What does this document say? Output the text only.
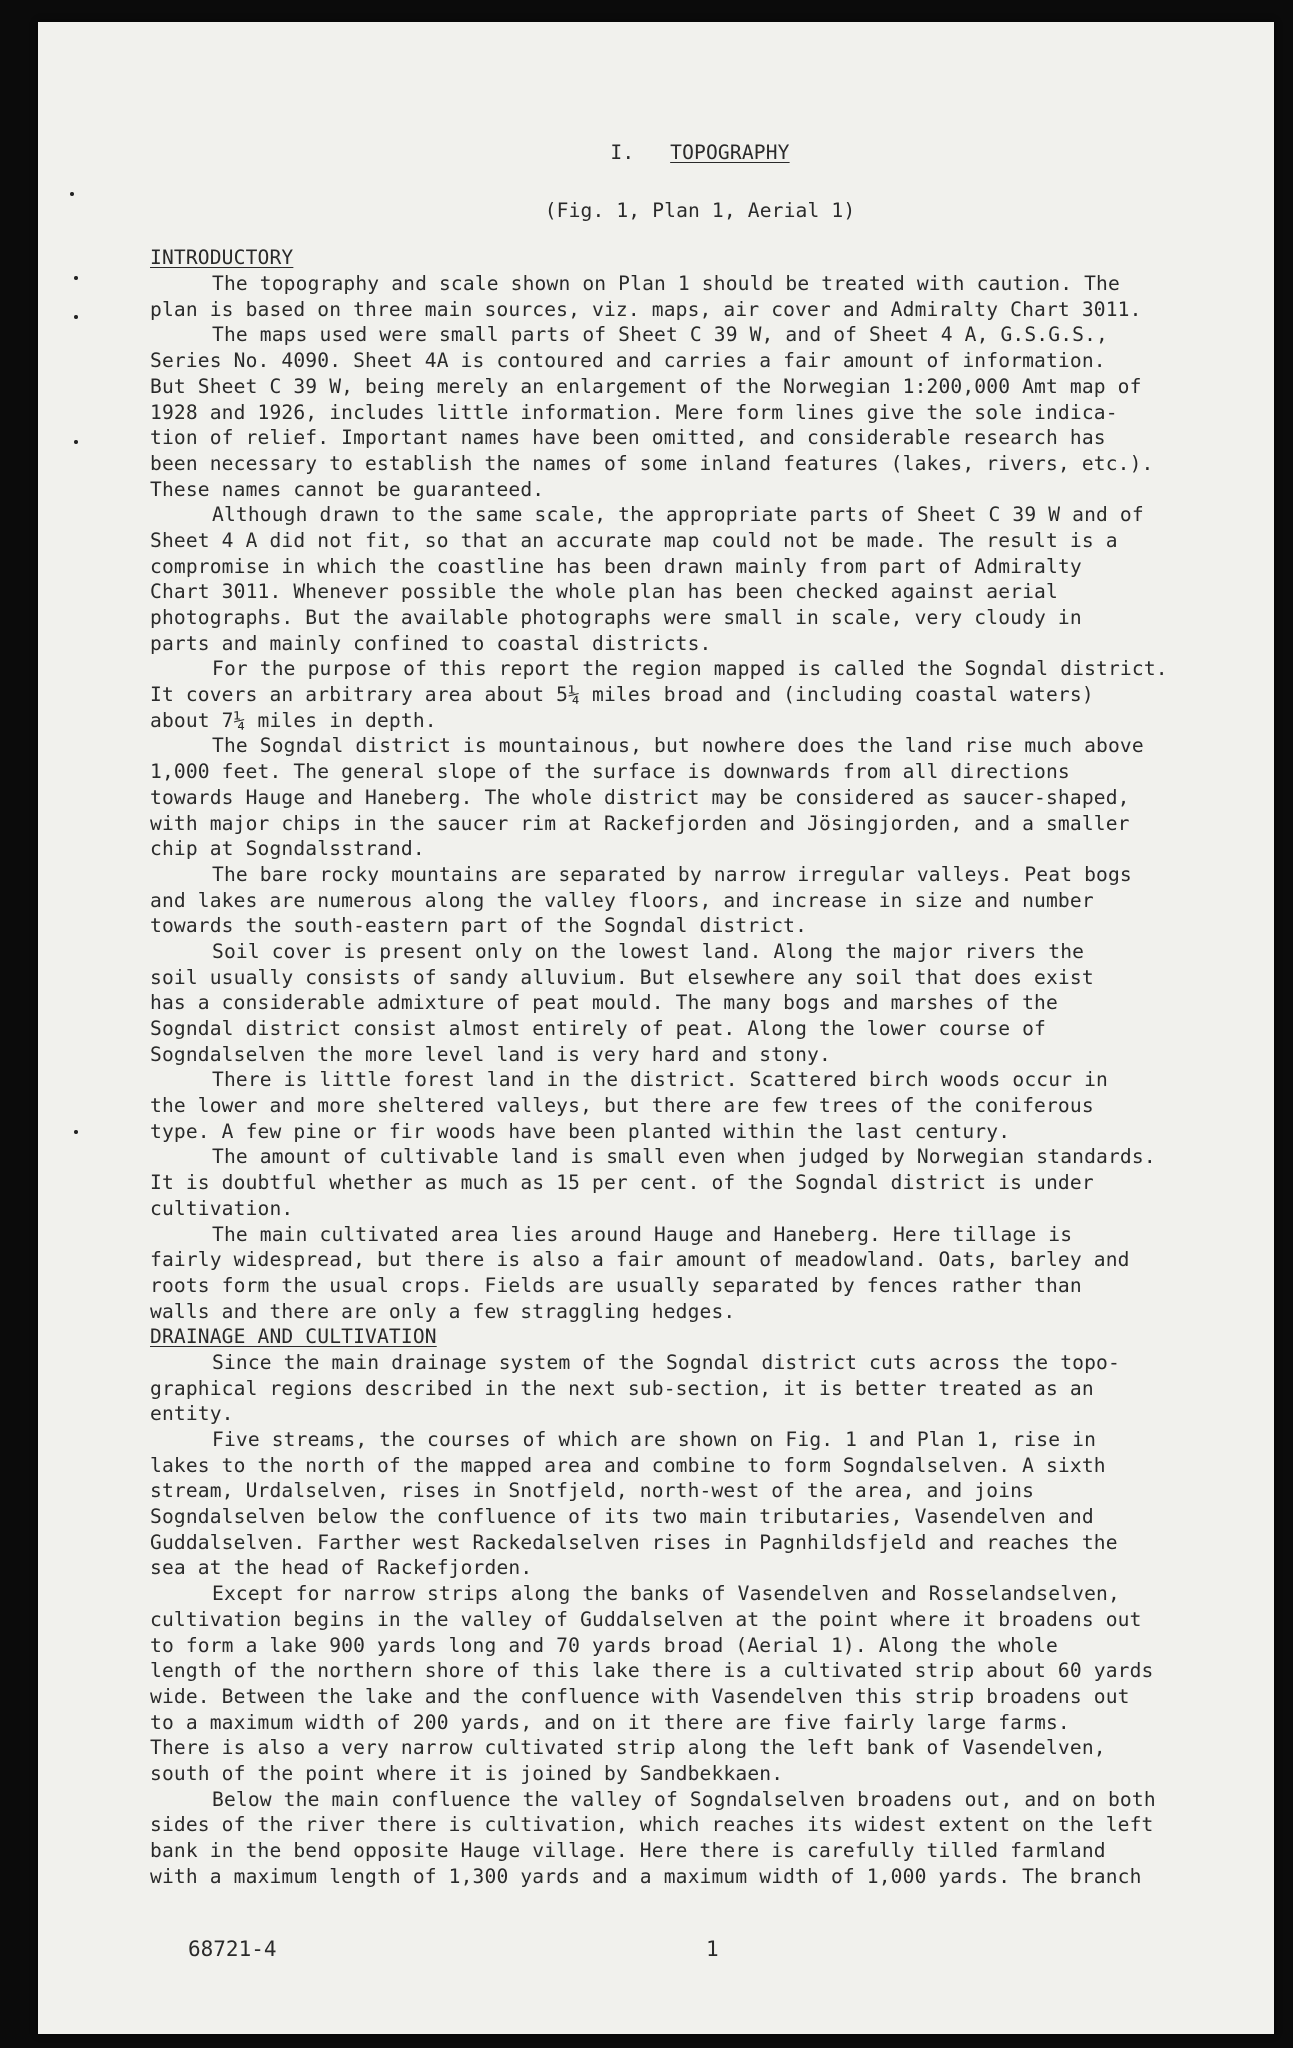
I. TOPOGRAPHY
(Fig. 1, Plan 1, Aerial 1)
INTRODUCTORY
The topography and scale shown on Plan 1 should be treated with caution. The
plan is based on three main sources, viz. maps, air cover and Admiralty Chart 3011.
The maps used were small parts of Sheet C 39 W, and of Sheet 4 A, G.S.G.S.,
Series No. 4090. Sheet 4A is contoured and carries a fair amount of information.
But Sheet C 39 W, being merely an enlargement of the Norwegian 1:200,000 Amt map of
1928 and 1926, includes little information. Mere form lines give the sole indica-
tion of relief. Important names have been omitted, and considerable research has
been necessary to establish the names of some inland features (lakes, rivers, etc.).
These names cannot be guaranteed.
Although drawn to the same scale, the appropriate parts of Sheet C 39 W and of
Sheet 4 A did not fit, so that an accurate map could not be made. The result is a
compromise in which the coastline has been drawn mainly from part of Admiralty
Chart 3011. Whenever possible the whole plan has been checked against aerial
photographs. But the available photographs were small in scale, very cloudy in
parts and mainly confined to coastal districts.
For the purpose of this report the region mapped is called the Sogndal district.
It covers an arbitrary area about 5¼ miles broad and (including coastal waters)
about 7¼ miles in depth.
The Sogndal district is mountainous, but nowhere does the land rise much above
1,000 feet. The general slope of the surface is downwards from all directions
towards Hauge and Haneberg. The whole district may be considered as saucer-shaped,
with major chips in the saucer rim at Rackefjorden and Jösingjorden, and a smaller
chip at Sogndalsstrand.
The bare rocky mountains are separated by narrow irregular valleys. Peat bogs
and lakes are numerous along the valley floors, and increase in size and number
towards the south-eastern part of the Sogndal district.
Soil cover is present only on the lowest land. Along the major rivers the
soil usually consists of sandy alluvium. But elsewhere any soil that does exist
has a considerable admixture of peat mould. The many bogs and marshes of the
Sogndal district consist almost entirely of peat. Along the lower course of
Sogndalselven the more level land is very hard and stony.
There is little forest land in the district. Scattered birch woods occur in
the lower and more sheltered valleys, but there are few trees of the coniferous
type. A few pine or fir woods have been planted within the last century.
The amount of cultivable land is small even when judged by Norwegian standards.
It is doubtful whether as much as 15 per cent. of the Sogndal district is under
cultivation.
The main cultivated area lies around Hauge and Haneberg. Here tillage is
fairly widespread, but there is also a fair amount of meadowland. Oats, barley and
roots form the usual crops. Fields are usually separated by fences rather than
walls and there are only a few straggling hedges.
DRAINAGE AND CULTIVATION
Since the main drainage system of the Sogndal district cuts across the topo-
graphical regions described in the next sub-section, it is better treated as an
entity.
Five streams, the courses of which are shown on Fig. 1 and Plan 1, rise in
lakes to the north of the mapped area and combine to form Sogndalselven. A sixth
stream, Urdalselven, rises in Snotfjeld, north-west of the area, and joins
Sogndalselven below the confluence of its two main tributaries, Vasendelven and
Guddalselven. Farther west Rackedalselven rises in Pagnhildsfjeld and reaches the
sea at the head of Rackefjorden.
Except for narrow strips along the banks of Vasendelven and Rosselandselven,
cultivation begins in the valley of Guddalselven at the point where it broadens out
to form a lake 900 yards long and 70 yards broad (Aerial 1). Along the whole
length of the northern shore of this lake there is a cultivated strip about 60 yards
wide. Between the lake and the confluence with Vasendelven this strip broadens out
to a maximum width of 200 yards, and on it there are five fairly large farms.
There is also a very narrow cultivated strip along the left bank of Vasendelven,
south of the point where it is joined by Sandbekkaen.
Below the main confluence the valley of Sogndalselven broadens out, and on both
sides of the river there is cultivation, which reaches its widest extent on the left
bank in the bend opposite Hauge village. Here there is carefully tilled farmland
with a maximum length of 1,300 yards and a maximum width of 1,000 yards. The branch
68721-4	1
